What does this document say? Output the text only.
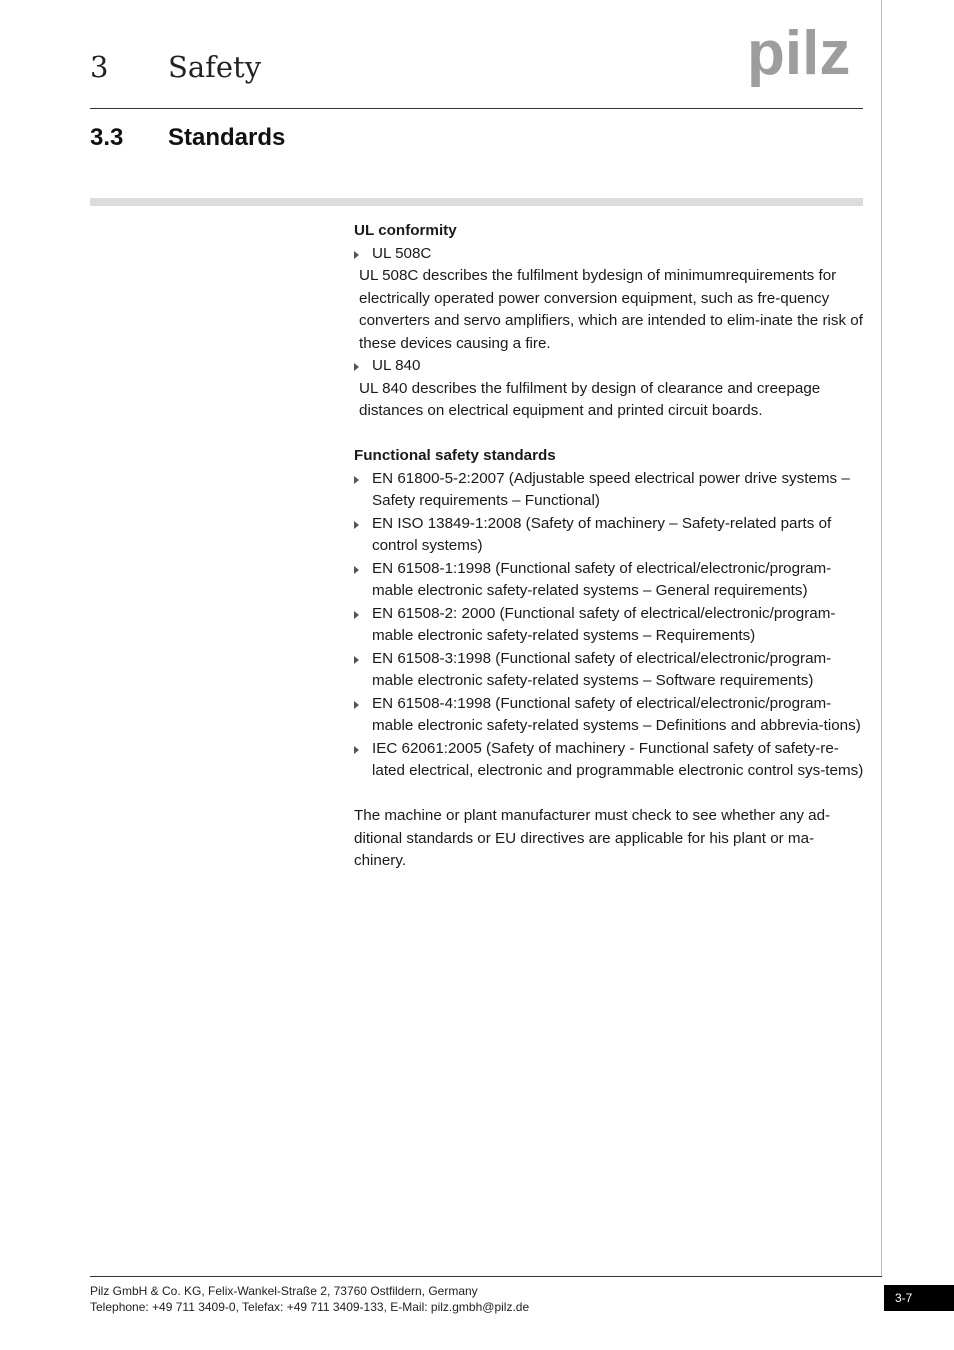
3 Safety	pilz
3.3 Standards
UL conformity
UL 508C

UL 508C describes the fulfilment bydesign of minimumrequirements for electrically operated power conversion equipment, such as fre-quency converters and servo amplifiers, which are intended to elim-inate the risk of these devices causing a fire.

UL 840

UL 840 describes the fulfilment by design of clearance and creepage distances on electrical equipment and printed circuit boards.

Functional safety standards
EN 61800-5-2:2007 (Adjustable speed electrical power drive systems – Safety requirements – Functional)
EN ISO 13849-1:2008 (Safety of machinery – Safety-related parts of control systems)
EN 61508-1:1998 (Functional safety of electrical/electronic/program-mable electronic safety-related systems – General requirements)
EN 61508-2: 2000 (Functional safety of electrical/electronic/program-mable electronic safety-related systems – Requirements)
EN 61508-3:1998 (Functional safety of electrical/electronic/program-mable electronic safety-related systems – Software requirements)
EN 61508-4:1998 (Functional safety of electrical/electronic/program-mable electronic safety-related systems – Definitions and abbrevia-tions)
IEC 62061:2005 (Safety of machinery - Functional safety of safety-re-lated electrical, electronic and programmable electronic control sys-tems)

The machine or plant manufacturer must check to see whether any ad-ditional standards or EU directives are applicable for his plant or ma-chinery.

Pilz GmbH & Co. KG, Felix-Wankel-Straße 2, 73760 Ostfildern, Germany
Telephone: +49 711 3409-0, Telefax: +49 711 3409-133, E-Mail: pilz.gmbh@pilz.de
3-7
